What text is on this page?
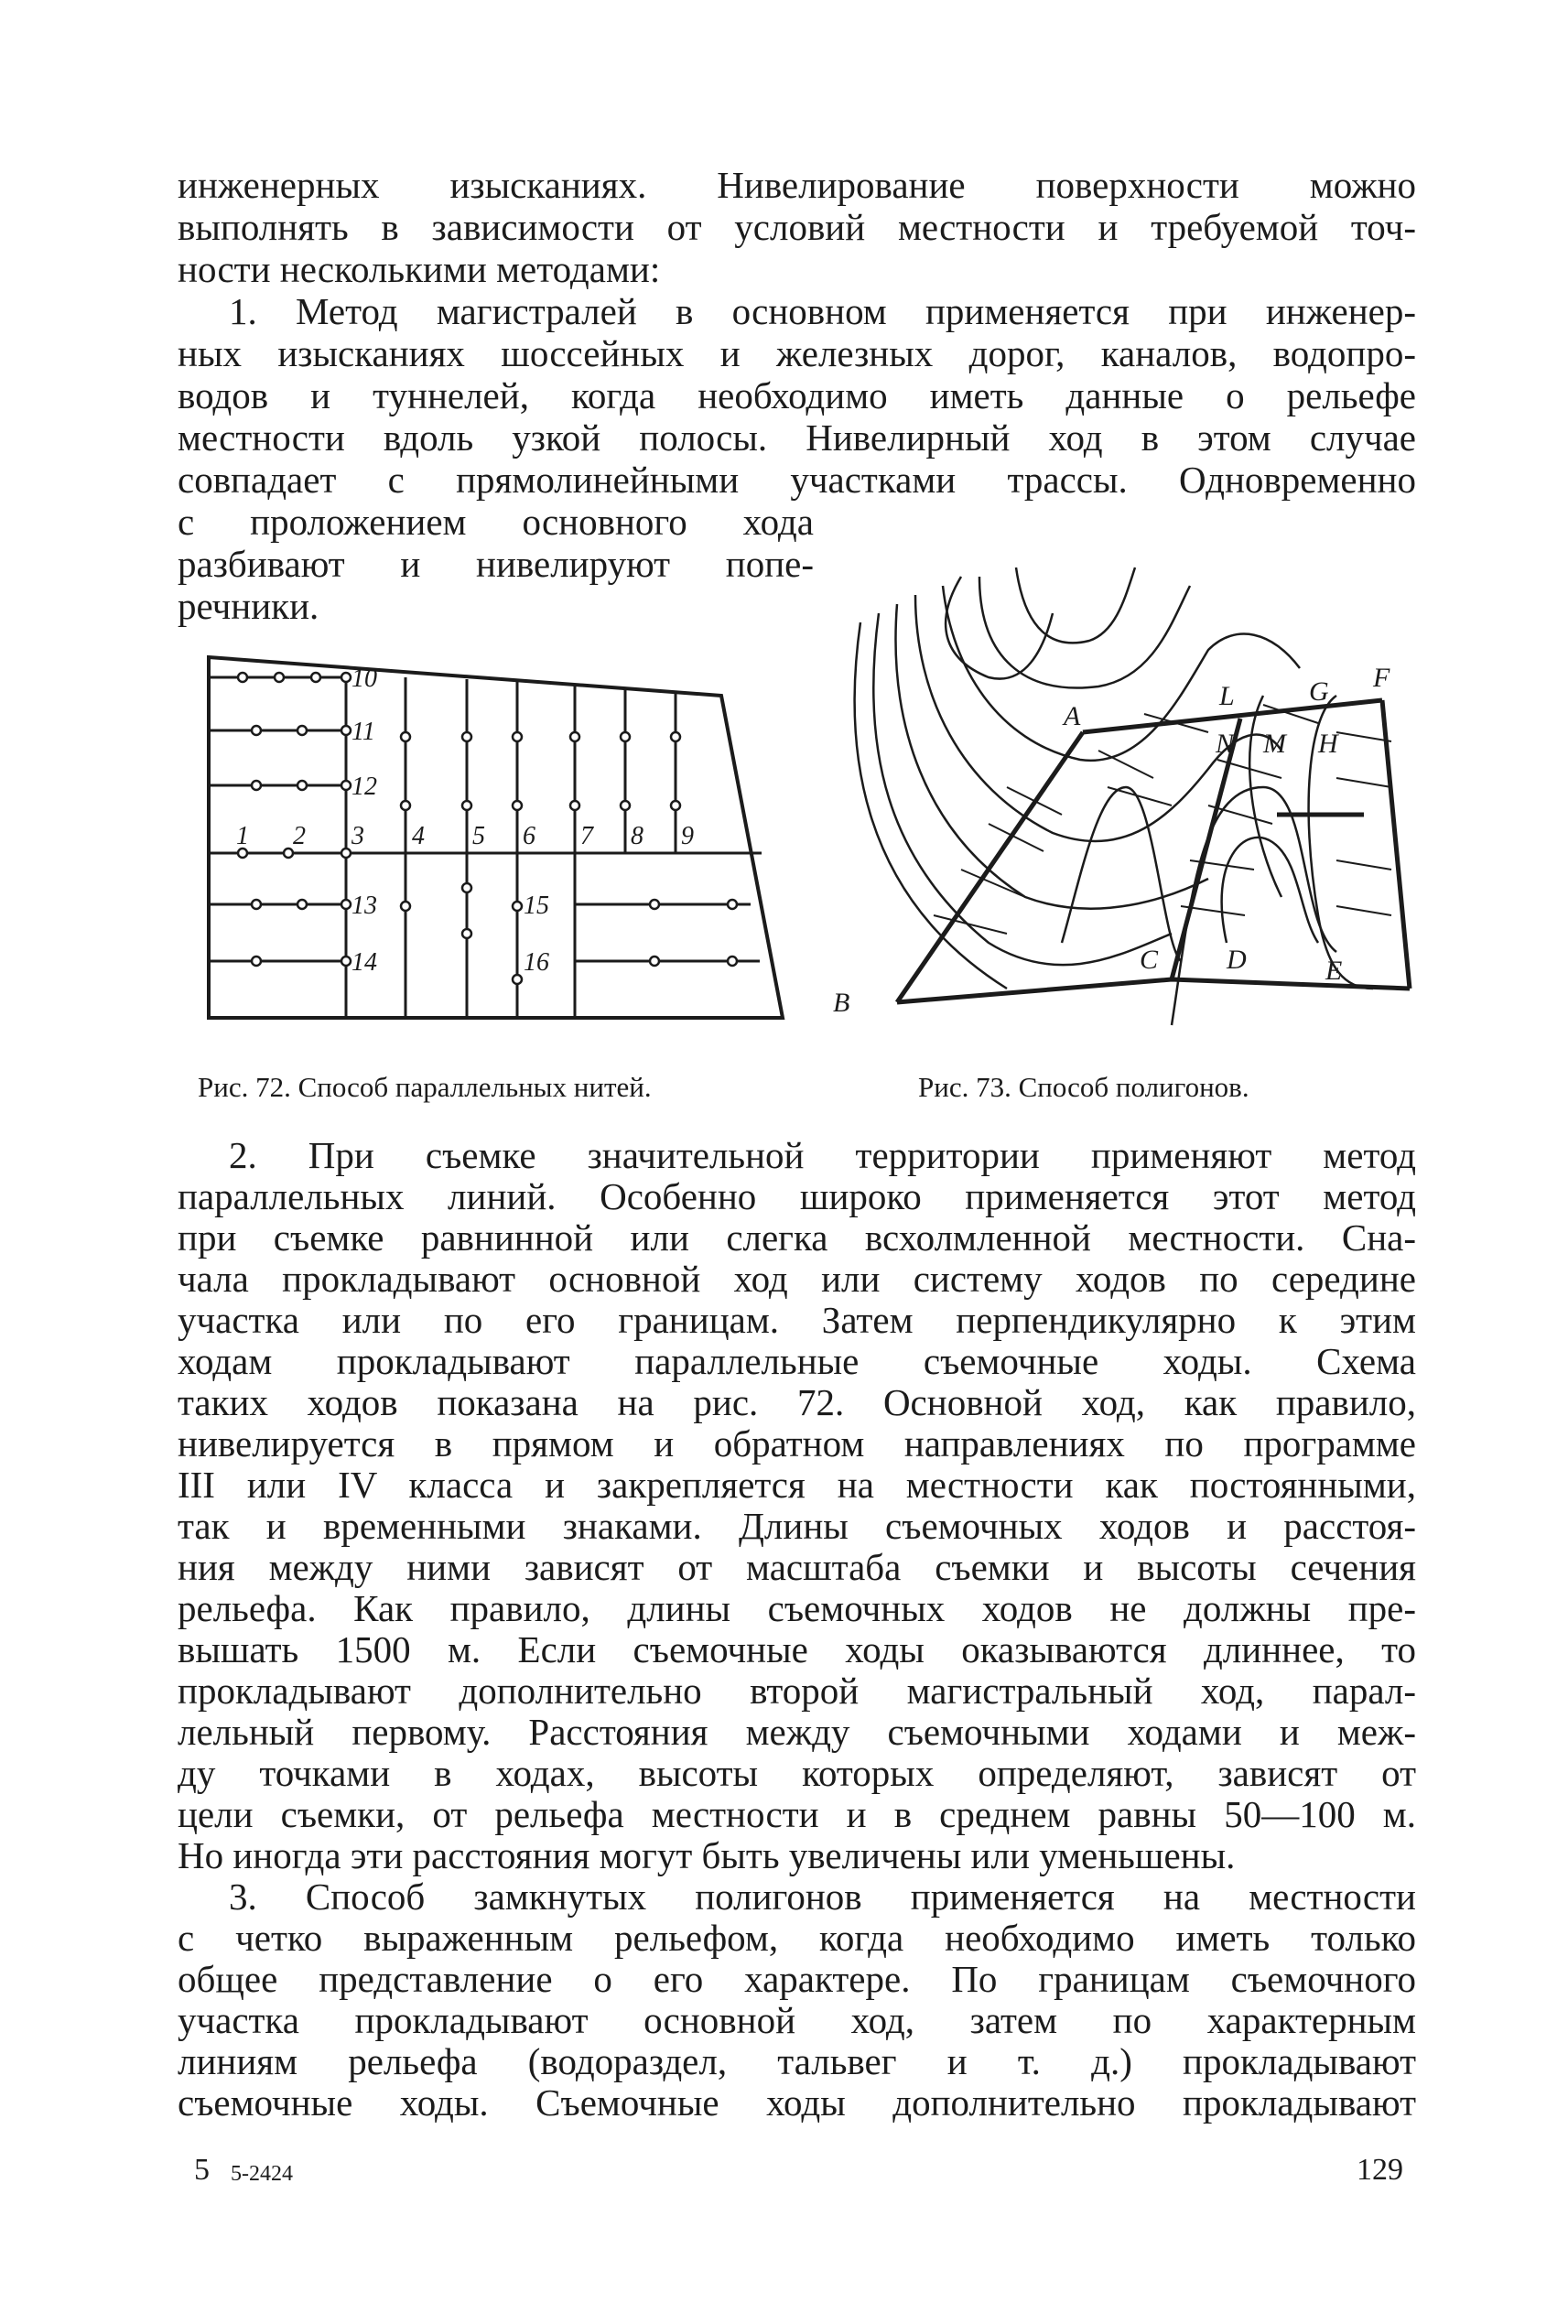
инженерных изысканиях. Нивелирование поверхности можно
выполнять в зависимости от условий местности и требуемой точ-
ности несколькими методами:
1. Метод магистралей в основном применяется при инженер-
ных изысканиях шоссейных и железных дорог, каналов, водопро-
водов и туннелей, когда необходимо иметь данные о рельефе
местности вдоль узкой полосы. Нивелирный ход в этом случае
совпадает с прямолинейными участками трассы. Одновременно
с проложением основного хода
разбивают и нивелируют попе-
речники.
1 2 3 4 5 6 7 8 9
10
11
12
13
14
15
16
A
L	G F
N M H
C D	E
B
Рис. 72. Способ параллельных нитей.	Рис. 73. Способ полигонов.
2. При съемке значительной территории применяют метод
параллельных линий. Особенно широко применяется этот метод
при съемке равнинной или слегка всхолмленной местности. Сна-
чала прокладывают основной ход или систему ходов по середине
участка или по его границам. Затем перпендикулярно к этим
ходам прокладывают параллельные съемочные ходы. Схема
таких ходов показана на рис. 72. Основной ход, как правило,
нивелируется в прямом и обратном направлениях по программе
III или IV класса и закрепляется на местности как постоянными,
так и временными знаками. Длины съемочных ходов и расстоя-
ния между ними зависят от масштаба съемки и высоты сечения
рельефа. Как правило, длины съемочных ходов не должны пре-
вышать 1500 м. Если съемочные ходы оказываются длиннее, то
прокладывают дополнительно второй магистральный ход, парал-
лельный первому. Расстояния между съемочными ходами и меж-
ду точками в ходах, высоты которых определяют, зависят от
цели съемки, от рельефа местности и в среднем равны 50—100 м.
Но иногда эти расстояния могут быть увеличены или уменьшены.
3. Способ замкнутых полигонов применяется на местности
с четко выраженным рельефом, когда необходимо иметь только
общее представление о его характере. По границам съемочного
участка прокладывают основной ход, затем по характерным
линиям рельефа (водораздел, тальвег и т. д.) прокладывают
съемочные ходы. Съемочные ходы дополнительно прокладывают
5 5-2424	129
